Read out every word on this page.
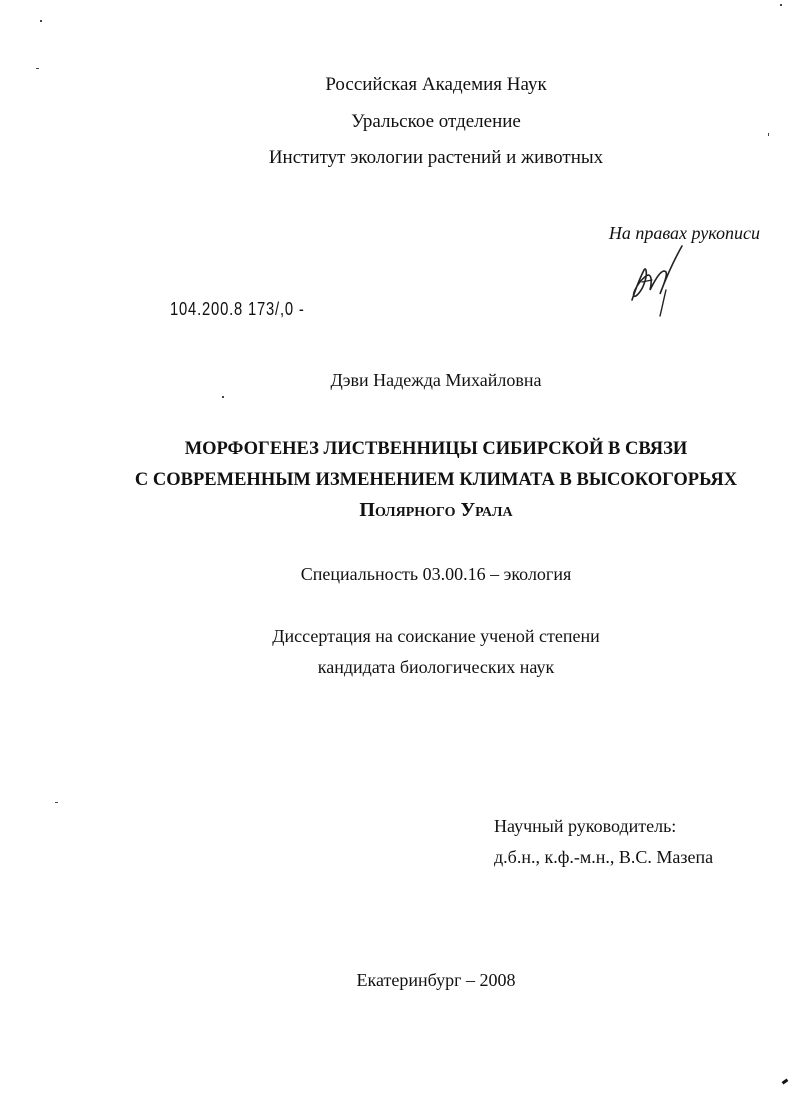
Российская Академия Наук
Уральское отделение
Институт экологии растений и животных
На правах рукописи
104.200.8 173/,0 -
Дэви Надежда Михайловна
МОРФОГЕНЕЗ ЛИСТВЕННИЦЫ СИБИРСКОЙ В СВЯЗИ
С СОВРЕМЕННЫМ ИЗМЕНЕНИЕМ КЛИМАТА В ВЫСОКОГОРЬЯХ
Полярного Урала
Специальность 03.00.16 – экология
Диссертация на соискание ученой степени
кандидата биологических наук
Научный руководитель:
д.б.н., к.ф.-м.н., В.С. Мазепа
Екатеринбург – 2008
